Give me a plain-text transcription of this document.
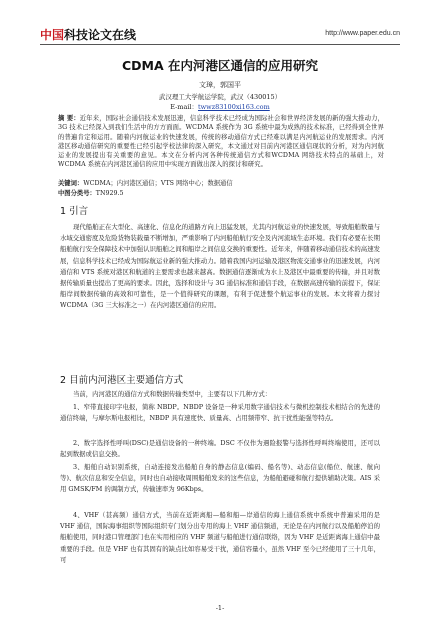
中国科技论文在线	http://www.paper.edu.cn
CDMA 在内河港区通信的应用研究
文璋，郭国平
武汉理工大学航运学院，武汉（430015）
E-mail：twwz83100xi163.com
摘 要：近年来，国际社会通信技术发展迅速，信息科学技术已经成为国际社会和世界经济发展的新的强大推动力，3G 技术已经深入到我们生活中的方方面面。WCDMA 系统作为 3G 系统中最为成熟的技术标准，已经得到全世界的普遍肯定和运用。随着内河航运业的快速发展，传统的移动通信方式已经难以满足内河航运业的发展需求。内河港区移动通信研究的重要性已经引起学校法律的深入研究，本文通过对目前内河港区通信现状的分析，对为内河航运业的发展提出有关重要的意见。本文在分析内河各种传统通信方式和WCDMA 网络技术特点的基础上，对WCDMA 系统在内河港区通信的应用中实现方面做出深入的探讨和研究。
关键词：WCDMA；内河港区通信；VTS 网络中心；数据通信
中图分类号：TN929.5
1 引言
现代船舶正在大型化、高速化、信息化的道路方向上迅猛发展，尤其内河航运业的快速发展，导致船舶数量与水域交通密度及危险货物装载量不断增加，严重影响了内河船舶航行安全及内河流域生态环境。我们有必要在长期船舶航行安全保障技术中加强认识船舶之间和船岸之间信息交换的重要性。近年来，伴随着移动通信技术的高速发展，信息科学技术已经成为国际航运业新的强大推动力。随着我国内河运输及港区物流交通事业的迅速发展，内河通信和 VTS 系统对港区和航道的主要需求也越来越高。数据通信逐渐成为水上及港区中最重要的传输，并且对数据传输质量也提出了更高的要求。因此，选择和设计与 3G 通信标准和通信手段，在数据高速传输的前提下，保证船岸间数据传输的高效和可靠性，是一个值得研究的课题，有利于促进整个航运事业的发展。本文将着力探讨 WCDMA（3G 三大标准之一）在内河港区通信的应用。
2 目前内河港区主要通信方式
当前，内河港区的通信方式和数据传输类型中，主要有以下几种方式：
1、窄带直接印字电报，简称 NBDP。NBDP 设备是一种采用数字通信技术与微机控制技术相结合的先进的通信终端，与摩尔斯电报相比，NBDP 具有速度快、质量高、占用频带窄、抗干扰性能强等特点。
2、数字选择性呼叫(DSC)是通信设备的一种终端。DSC 不仅作为遇险报警与选择性呼叫终端使用，还可以起到数据或信息交换。
3、船舶自动识别系统，自动连接发出船舶自身的静态信息(编码、船名等)、动态信息(船位、航速、航向等)、航次信息和安全信息，同时也自动接收周围船舶发来的这些信息，为船舶避碰和航行提供辅助决策。AIS 采用 GMSK/FM 的调制方式，传输速率为 96Kbps。
4、VHF（甚高频）通信方式，当前在近距离船—船和船—岸通信的海上通信系统中系统中普遍采用的是 VHF 通信，国际海事组织等国际组织专门划分出专用的海上 VHF 通信频道，无论是在内河航行以及船舶停泊的船舶使用，同时港口管理部门也在实用相应的 VHF 频道与船舶进行通信联络，因为 VHF 是近距离海上通信中最重要的手段。但是 VHF 也有其固有的缺点比如容易受干扰，通信容量小，虽然 VHF 至今已经使用了三十几年，可
-1-
